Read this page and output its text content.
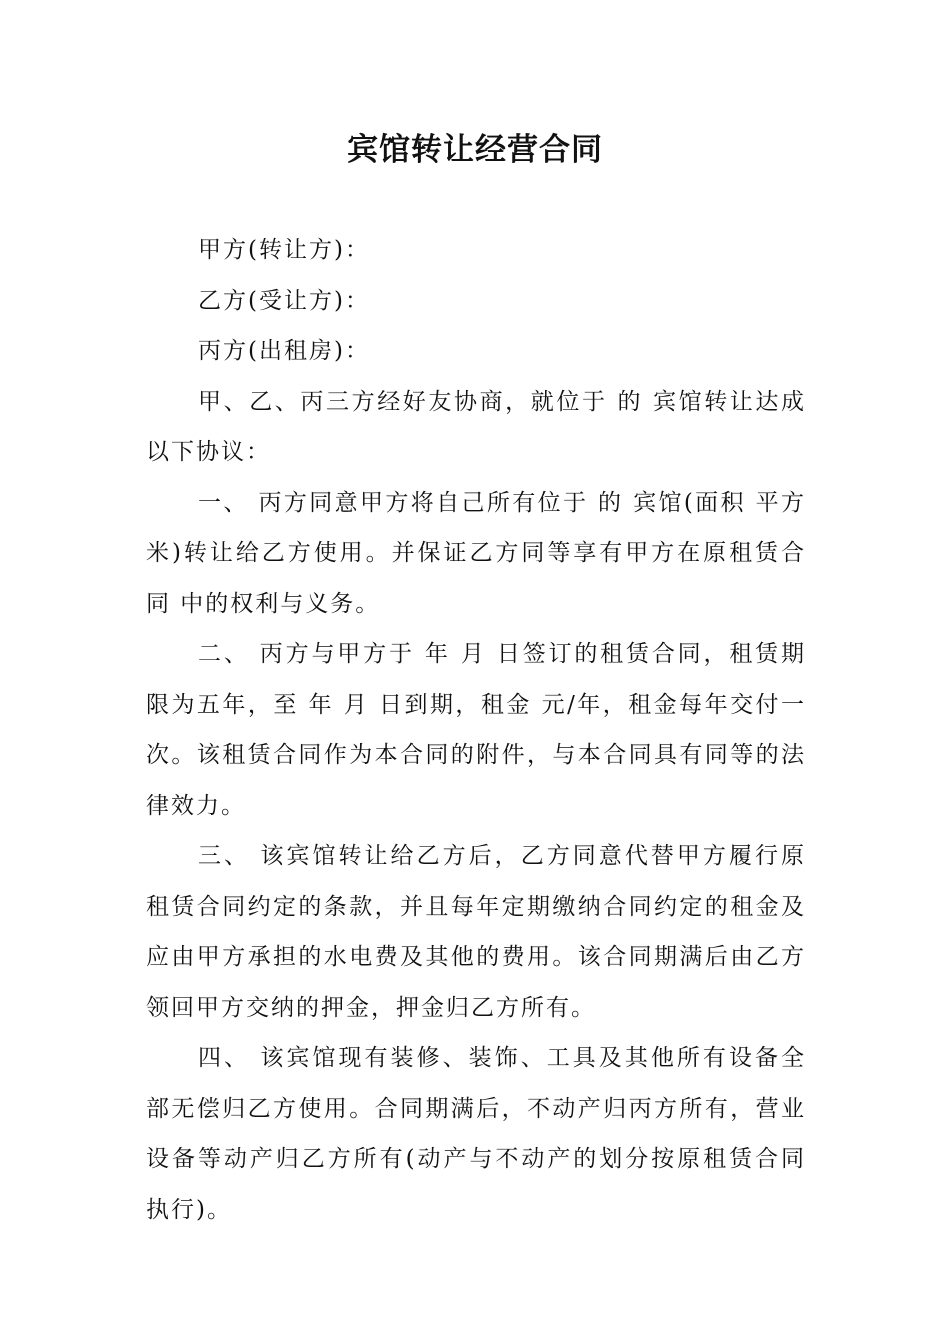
宾馆转让经营合同

甲方(转让方)：

乙方(受让方)：

丙方(出租房)：

甲、乙、丙三方经好友协商，就位于 的 宾馆转让达成以下协议：

一、 丙方同意甲方将自己所有位于 的 宾馆(面积 平方米)转让给乙方使用。并保证乙方同等享有甲方在原租赁合同 中的权利与义务。

二、 丙方与甲方于 年 月 日签订的租赁合同，租赁期限为五年，至 年 月 日到期，租金 元/年，租金每年交付一次。该租赁合同作为本合同的附件，与本合同具有同等的法律效力。

三、 该宾馆转让给乙方后，乙方同意代替甲方履行原租赁合同约定的条款，并且每年定期缴纳合同约定的租金及应由甲方承担的水电费及其他的费用。该合同期满后由乙方领回甲方交纳的押金，押金归乙方所有。

四、 该宾馆现有装修、装饰、工具及其他所有设备全部无偿归乙方使用。合同期满后，不动产归丙方所有，营业设备等动产归乙方所有(动产与不动产的划分按原租赁合同执行)。
